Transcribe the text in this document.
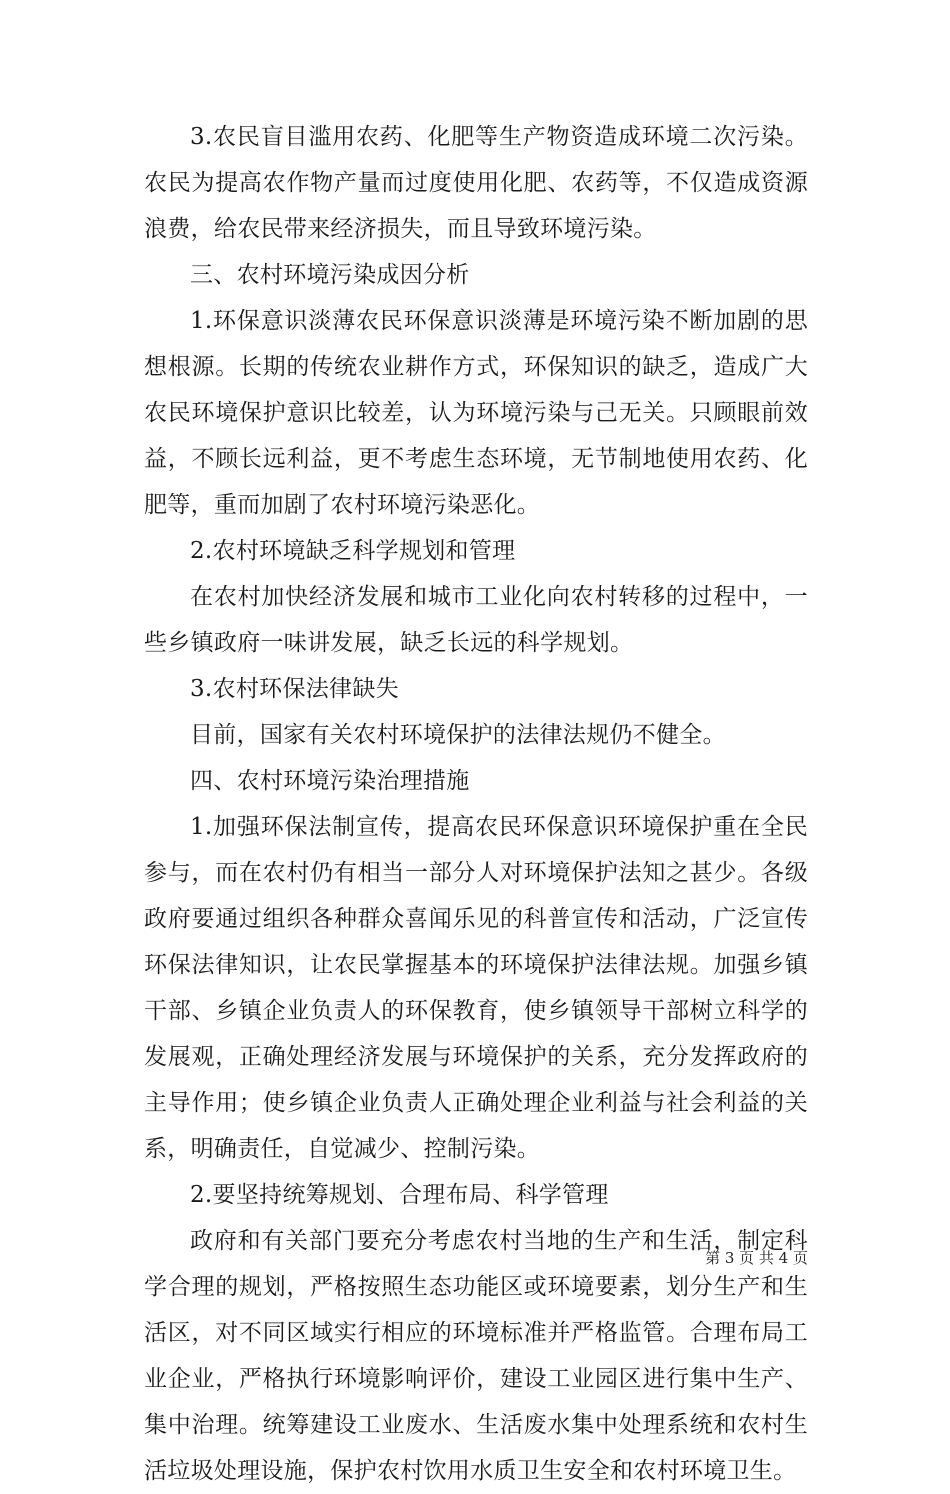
3.农民盲目滥用农药、化肥等生产物资造成环境二次污染。农民为提高农作物产量而过度使用化肥、农药等，不仅造成资源浪费，给农民带来经济损失，而且导致环境污染。

三、农村环境污染成因分析

1.环保意识淡薄农民环保意识淡薄是环境污染不断加剧的思想根源。长期的传统农业耕作方式，环保知识的缺乏，造成广大农民环境保护意识比较差，认为环境污染与己无关。只顾眼前效益，不顾长远利益，更不考虑生态环境，无节制地使用农药、化肥等，重而加剧了农村环境污染恶化。

2.农村环境缺乏科学规划和管理

在农村加快经济发展和城市工业化向农村转移的过程中，一些乡镇政府一味讲发展，缺乏长远的科学规划。

3.农村环保法律缺失

目前，国家有关农村环境保护的法律法规仍不健全。

四、农村环境污染治理措施

1.加强环保法制宣传，提高农民环保意识环境保护重在全民参与，而在农村仍有相当一部分人对环境保护法知之甚少。各级政府要通过组织各种群众喜闻乐见的科普宣传和活动，广泛宣传环保法律知识，让农民掌握基本的环境保护法律法规。加强乡镇干部、乡镇企业负责人的环保教育，使乡镇领导干部树立科学的发展观，正确处理经济发展与环境保护的关系，充分发挥政府的主导作用；使乡镇企业负责人正确处理企业利益与社会利益的关系，明确责任，自觉减少、控制污染。

2.要坚持统筹规划、合理布局、科学管理

政府和有关部门要充分考虑农村当地的生产和生活，制定科学合理的规划，严格按照生态功能区或环境要素，划分生产和生活区，对不同区域实行相应的环境标准并严格监管。合理布局工业企业，严格执行环境影响评价，建设工业园区进行集中生产、集中治理。统筹建设工业废水、生活废水集中处理系统和农村生活垃圾处理设施，保护农村饮用水质卫生安全和农村环境卫生。

第 3 页 共 4 页
